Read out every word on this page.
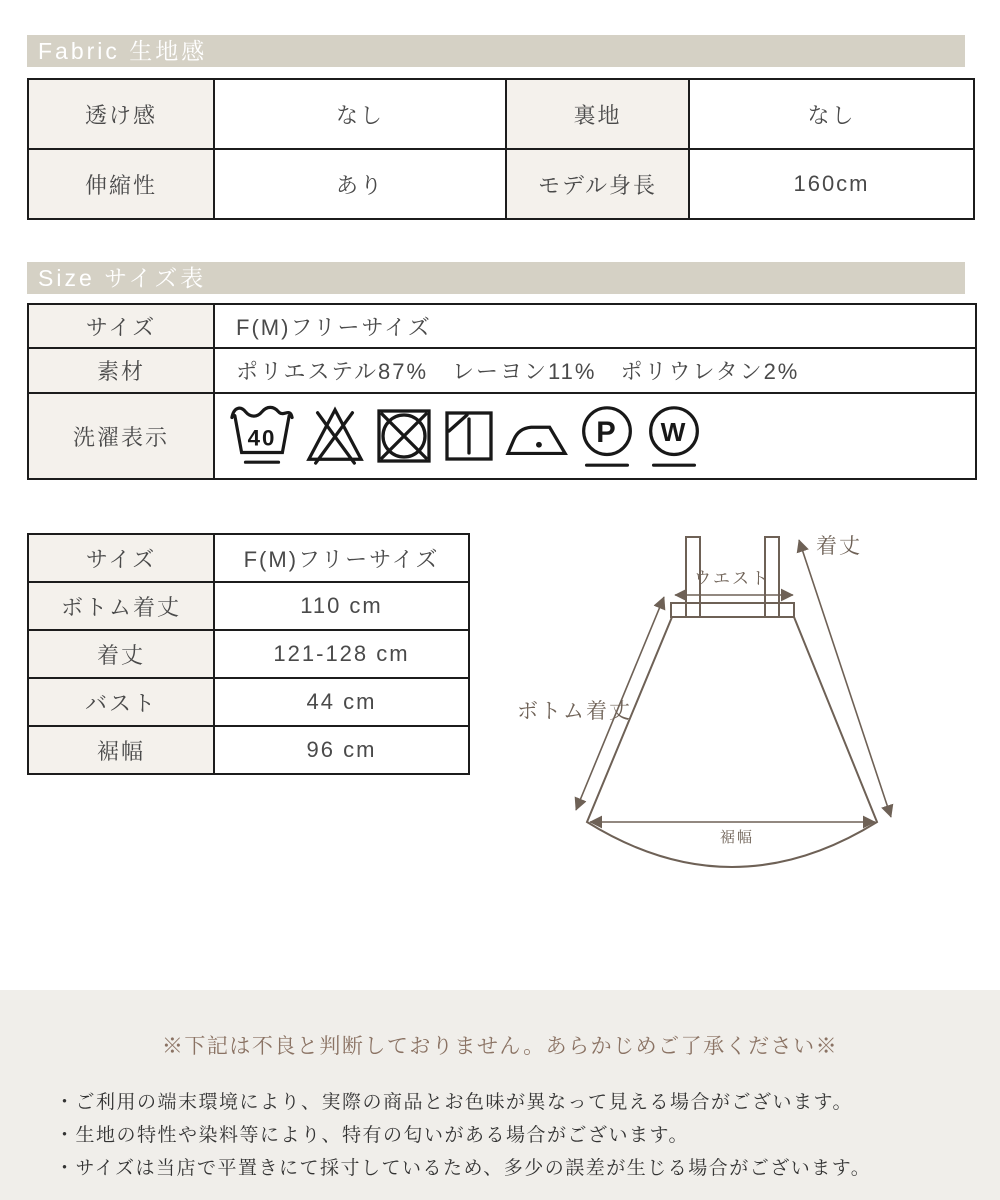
Fabric 生地感
透け感	なし	裏地	なし
伸縮性	あり	モデル身長	160cm
Size サイズ表
サイズ	F(M)フリーサイズ
素材	ポリエステル87%　レーヨン11%　ポリウレタン2%
洗濯表示	40 P W
サイズ	F(M)フリーサイズ
ボトム着丈	110 cm
着丈	121-128 cm
バスト	44 cm
裾幅	96 cm
ウエスト
着丈
ボトム着丈
裾幅

※下記は不良と判断しておりません。あらかじめご了承ください※

・ご利用の端末環境により、実際の商品とお色味が異なって見える場合がございます。
・生地の特性や染料等により、特有の匂いがある場合がございます。
・サイズは当店で平置きにて採寸しているため、多少の誤差が生じる場合がございます。
